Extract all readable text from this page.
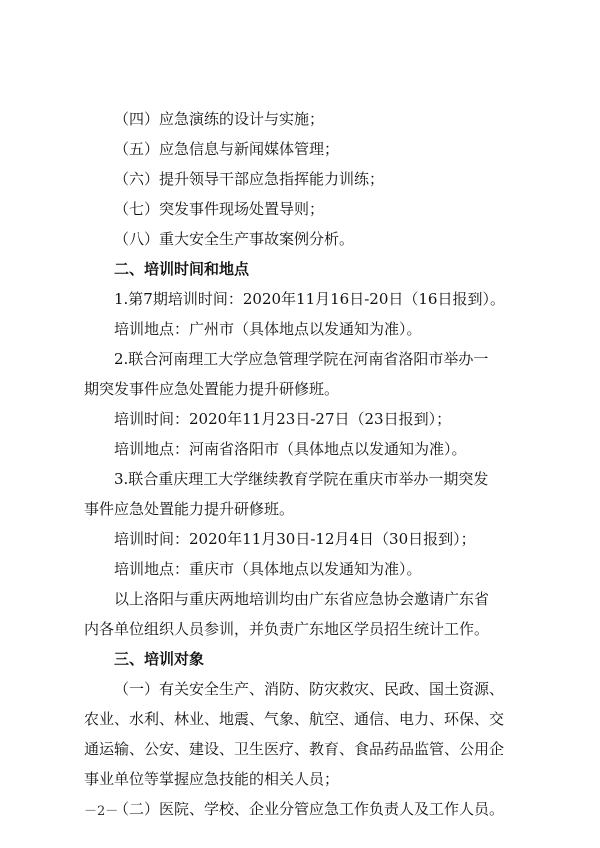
（四）应急演练的设计与实施；

（五）应急信息与新闻媒体管理；

（六）提升领导干部应急指挥能力训练；

（七）突发事件现场处置导则；

（八）重大安全生产事故案例分析。

二、培训时间和地点

1.第7期培训时间：2020年11月16日-20日（16日报到）。

培训地点：广州市（具体地点以发通知为准）。

2.联合河南理工大学应急管理学院在河南省洛阳市举办一

期突发事件应急处置能力提升研修班。

培训时间：2020年11月23日-27日（23日报到）；

培训地点：河南省洛阳市（具体地点以发通知为准）。

3.联合重庆理工大学继续教育学院在重庆市举办一期突发

事件应急处置能力提升研修班。

培训时间：2020年11月30日-12月4日（30日报到）；

培训地点：重庆市（具体地点以发通知为准）。

以上洛阳与重庆两地培训均由广东省应急协会邀请广东省

内各单位组织人员参训，并负责广东地区学员招生统计工作。

三、培训对象

（一）有关安全生产、消防、防灾救灾、民政、国土资源、

农业、水利、林业、地震、气象、航空、通信、电力、环保、交

通运输、公安、建设、卫生医疗、教育、食品药品监管、公用企

事业单位等掌握应急技能的相关人员；

（二）医院、学校、企业分管应急工作负责人及工作人员。

－2－
